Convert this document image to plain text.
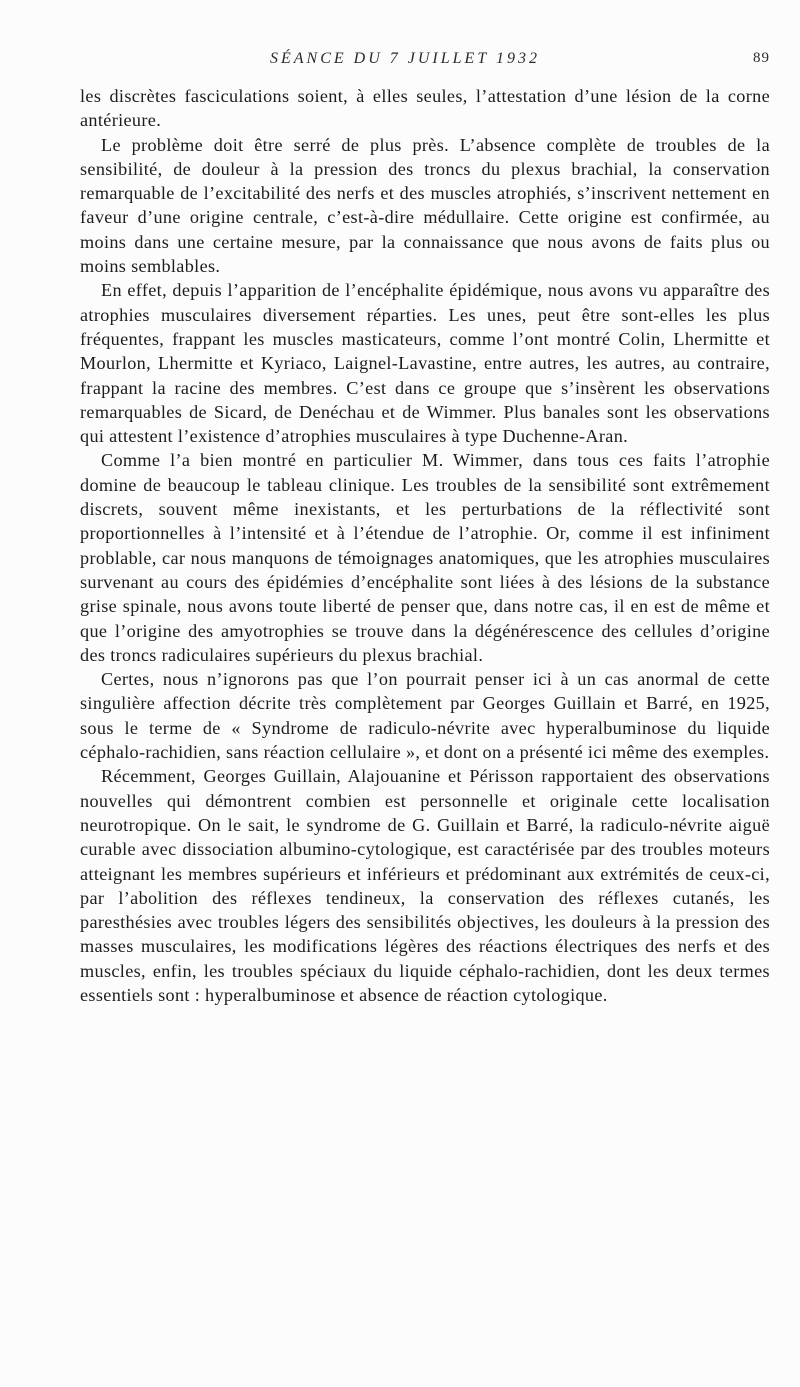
SÉANCE DU 7 JUILLET 1932	89

les discrètes fasciculations soient, à elles seules, l’attestation d’une lésion de la corne antérieure.

Le problème doit être serré de plus près. L’absence complète de troubles de la sensibilité, de douleur à la pression des troncs du plexus brachial, la conservation remarquable de l’excitabilité des nerfs et des muscles atrophiés, s’inscrivent nettement en faveur d’une origine centrale, c’est-à-dire médullaire. Cette origine est confirmée, au moins dans une certaine mesure, par la connaissance que nous avons de faits plus ou moins semblables.

En effet, depuis l’apparition de l’encéphalite épidémique, nous avons vu apparaître des atrophies musculaires diversement réparties. Les unes, peut être sont-elles les plus fréquentes, frappant les muscles masticateurs, comme l’ont montré Colin, Lhermitte et Mourlon, Lhermitte et Kyriaco, Laignel-Lavastine, entre autres, les autres, au contraire, frappant la racine des membres. C’est dans ce groupe que s’insèrent les observations remarquables de Sicard, de Denéchau et de Wimmer. Plus banales sont les observations qui attestent l’existence d’atrophies musculaires à type Duchenne-Aran.

Comme l’a bien montré en particulier M. Wimmer, dans tous ces faits l’atrophie domine de beaucoup le tableau clinique. Les troubles de la sensibilité sont extrêmement discrets, souvent même inexistants, et les perturbations de la réflectivité sont proportionnelles à l’intensité et à l’étendue de l’atrophie. Or, comme il est infiniment problable, car nous manquons de témoignages anatomiques, que les atrophies musculaires survenant au cours des épidémies d’encéphalite sont liées à des lésions de la substance grise spinale, nous avons toute liberté de penser que, dans notre cas, il en est de même et que l’origine des amyotrophies se trouve dans la dégénérescence des cellules d’origine des troncs radiculaires supérieurs du plexus brachial.

Certes, nous n’ignorons pas que l’on pourrait penser ici à un cas anormal de cette singulière affection décrite très complètement par Georges Guillain et Barré, en 1925, sous le terme de « Syndrome de radiculo-névrite avec hyperalbuminose du liquide céphalo-rachidien, sans réaction cellulaire », et dont on a présenté ici même des exemples.

Récemment, Georges Guillain, Alajouanine et Périsson rapportaient des observations nouvelles qui démontrent combien est personnelle et originale cette localisation neurotropique. On le sait, le syndrome de G. Guillain et Barré, la radiculo-névrite aiguë curable avec dissociation albumino-cytologique, est caractérisée par des troubles moteurs atteignant les membres supérieurs et inférieurs et prédominant aux extrémités de ceux-ci, par l’abolition des réflexes tendineux, la conservation des réflexes cutanés, les paresthésies avec troubles légers des sensibilités objectives, les douleurs à la pression des masses musculaires, les modifications légères des réactions électriques des nerfs et des muscles, enfin, les troubles spéciaux du liquide céphalo-rachidien, dont les deux termes essentiels sont : hyperalbuminose et absence de réaction cytologique.
